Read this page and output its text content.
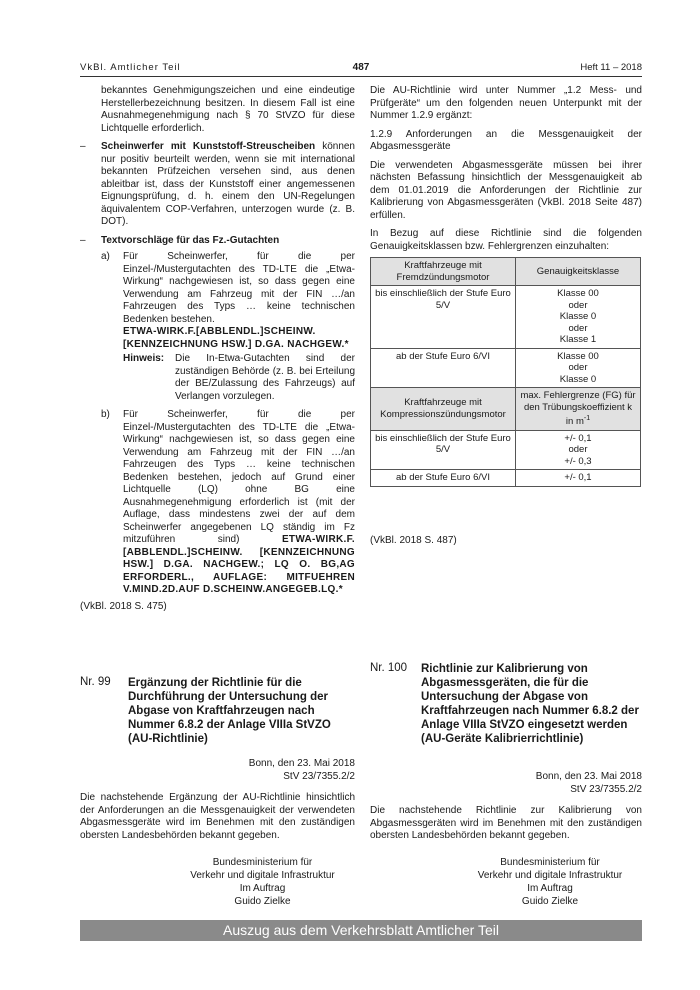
VkBl. Amtlicher Teil	487	Heft 11 – 2018

bekanntes Genehmigungszeichen und eine eindeutige Herstellerbezeichnung besitzen. In diesem Fall ist eine Ausnahmegenehmigung nach § 70 StVZO für diese Lichtquelle erforderlich.

– Scheinwerfer mit Kunststoff-Streuscheiben können nur positiv beurteilt werden, wenn sie mit international bekannten Prüfzeichen versehen sind, aus denen ableitbar ist, dass der Kunststoff einer angemessenen Eignungsprüfung, d. h. einem den UN-Regelungen äquivalentem COP-Verfahren, unterzogen wurde (z. B. DOT).
– Textvorschläge für das Fz.-Gutachten
a) Für Scheinwerfer, für die per Einzel-/Mustergutachten des TD-LTE die „Etwa-Wirkung“ nachgewiesen ist, so dass gegen eine Verwendung am Fahrzeug mit der FIN …/an Fahrzeugen des Typs … keine technischen Bedenken bestehen.
ETWA-WIRK.F.[ABBLENDL.]SCHEINW.[KENNZEICHNUNG HSW.] D.GA. NACHGEW.*
Hinweis:	Die In-Etwa-Gutachten sind der zuständigen Behörde (z. B. bei Erteilung der BE/Zulassung des Fahrzeugs) auf Verlangen vorzulegen.
b) Für Scheinwerfer, für die per Einzel-/Mustergutachten des TD-LTE die „Etwa-Wirkung“ nachgewiesen ist, so dass gegen eine Verwendung am Fahrzeug mit der FIN …/an Fahrzeugen des Typs … keine technischen Bedenken bestehen, jedoch auf Grund einer Lichtquelle (LQ) ohne BG eine Ausnahmegenehmigung erforderlich ist (mit der Auflage, dass mindestens zwei der auf dem Scheinwerfer angegebenen LQ ständig im Fz mitzuführen sind)	ETWA-WIRK.F.[ABBLENDL.]SCHEINW. [KENNZEICHNUNG HSW.] D.GA. NACHGEW.; LQ O. BG,AG ERFORDERL., AUFLAGE: MITFUEHREN V.MIND.2D.AUF D.SCHEINW.ANGEGEB.LQ.*
(VkBl. 2018 S. 475)

Die AU-Richtlinie wird unter Nummer „1.2 Mess- und Prüfgeräte“ um den folgenden neuen Unterpunkt mit der Nummer 1.2.9 ergänzt:

1.2.9 Anforderungen an die Messgenauigkeit der Abgasmessgeräte

Die verwendeten Abgasmessgeräte müssen bei ihrer nächsten Befassung hinsichtlich der Messgenauigkeit ab dem 01.01.2019 die Anforderungen der Richtlinie zur Kalibrierung von Abgasmessgeräten (VkBl. 2018 Seite 487) erfüllen.

In Bezug auf diese Richtlinie sind die folgenden Genauigkeitsklassen bzw. Fehlergrenzen einzuhalten:

Kraftfahrzeuge mit Fremdzündungsmotor	Genauigkeitsklasse
bis einschließlich der Stufe Euro 5/V	Klasse 00
oder
Klasse 0
oder
Klasse 1

ab der Stufe Euro 6/VI	Klasse 00
oder
Klasse 0

Kraftfahrzeuge mit Kompressionszündungsmotor	max. Fehlergrenze (FG) für den Trübungskoeffizient k in $m^{-1}$
bis einschließlich der Stufe Euro 5/V	+/- 0,1
oder
+/- 0,3

ab der Stufe Euro 6/VI	+/- 0,1
(VkBl. 2018 S. 487)
Nr. 99 Ergänzung der Richtlinie für die Durchführung der Untersuchung der Abgase von Kraftfahrzeugen nach Nummer 6.8.2 der Anlage VIIIa StVZO (AU-Richtlinie)
Bonn, den 23. Mai 2018
StV 23/7355.2/2
Die nachstehende Ergänzung der AU-Richtlinie hinsichtlich der Anforderungen an die Messgenauigkeit der verwendeten Abgasmessgeräte wird im Benehmen mit den zuständigen obersten Landesbehörden bekannt gegeben.
Bundesministerium für
Verkehr und digitale Infrastruktur
Im Auftrag
Guido Zielke
Nr. 100 Richtlinie zur Kalibrierung von Abgasmessgeräten, die für die Untersuchung der Abgase von Kraftfahrzeugen nach Nummer 6.8.2 der Anlage VIIIa StVZO eingesetzt werden (AU-Geräte Kalibrierrichtlinie)
Bonn, den 23. Mai 2018
StV 23/7355.2/2
Die nachstehende Richtlinie zur Kalibrierung von Abgasmessgeräten wird im Benehmen mit den zuständigen obersten Landesbehörden bekannt gegeben.
Bundesministerium für
Verkehr und digitale Infrastruktur
Im Auftrag
Guido Zielke
Auszug aus dem Verkehrsblatt Amtlicher Teil
